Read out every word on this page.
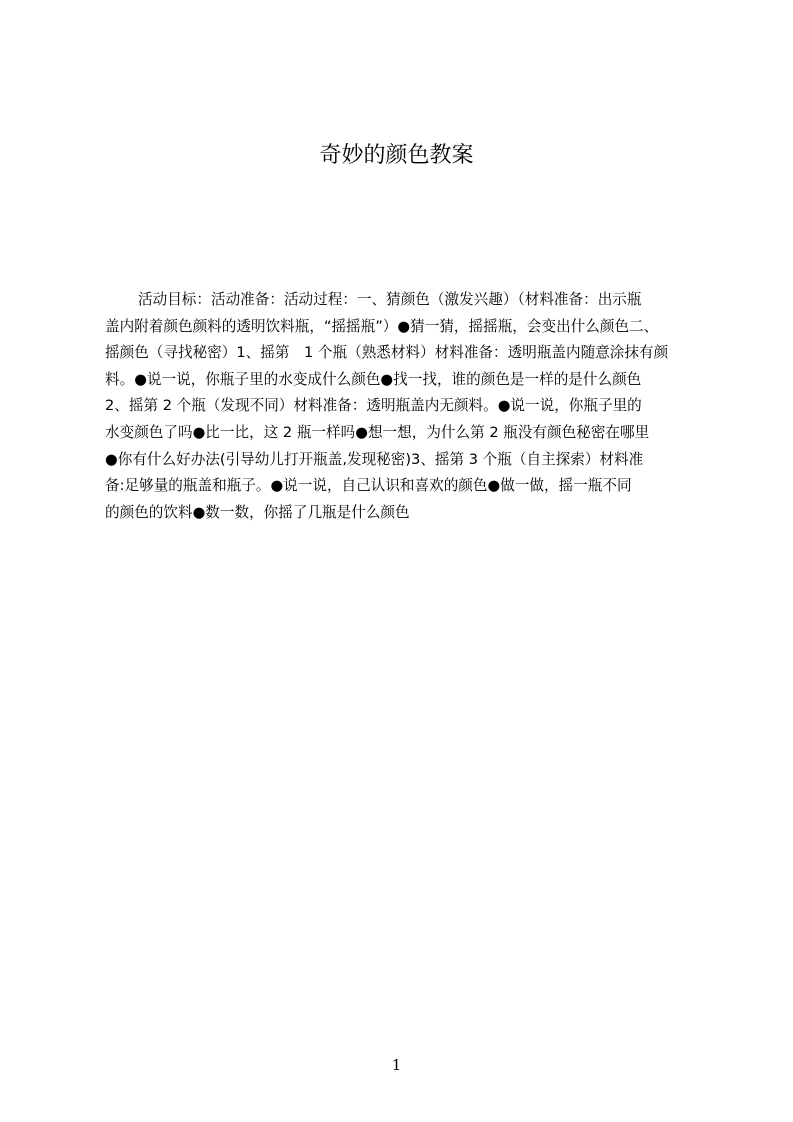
奇妙的颜色教案
活动目标：活动准备：活动过程：一、猜颜色（激发兴趣）（材料准备：出示瓶
盖内附着颜色颜料的透明饮料瓶，“摇摇瓶”）●猜一猜，摇摇瓶，会变出什么颜色二、
摇颜色（寻找秘密）1、摇第　1 个瓶（熟悉材料）材料准备：透明瓶盖内随意涂抹有颜
料。●说一说，你瓶子里的水变成什么颜色●找一找，谁的颜色是一样的是什么颜色
2、摇第 2 个瓶（发现不同）材料准备：透明瓶盖内无颜料。●说一说，你瓶子里的
水变颜色了吗●比一比，这 2 瓶一样吗●想一想，为什么第 2 瓶没有颜色秘密在哪里
●你有什么好办法(引导幼儿打开瓶盖,发现秘密)3、摇第 3 个瓶（自主探索）材料准
备:足够量的瓶盖和瓶子。●说一说，自己认识和喜欢的颜色●做一做，摇一瓶不同
的颜色的饮料●数一数，你摇了几瓶是什么颜色
1
